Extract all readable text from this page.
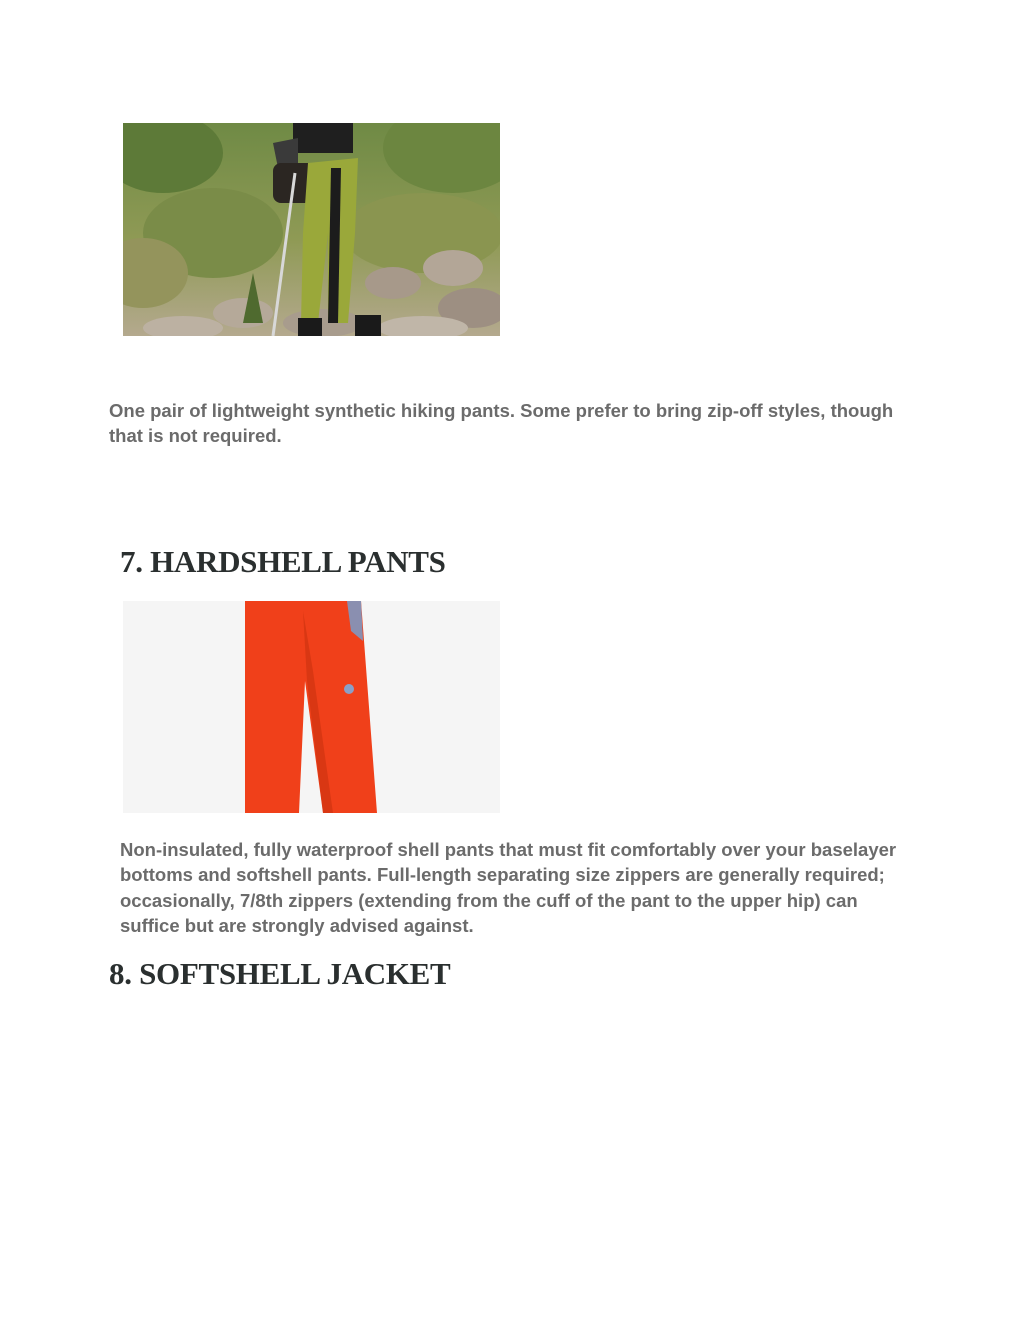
One pair of lightweight synthetic hiking pants. Some prefer to bring zip-off styles, though that is not required.

7. HARDSHELL PANTS

Non-insulated, fully waterproof shell pants that must fit comfortably over your baselayer bottoms and softshell pants. Full-length separating size zippers are generally required; occasionally, 7/8th zippers (extending from the cuff of the pant to the upper hip) can suffice but are strongly advised against.

8. SOFTSHELL JACKET
